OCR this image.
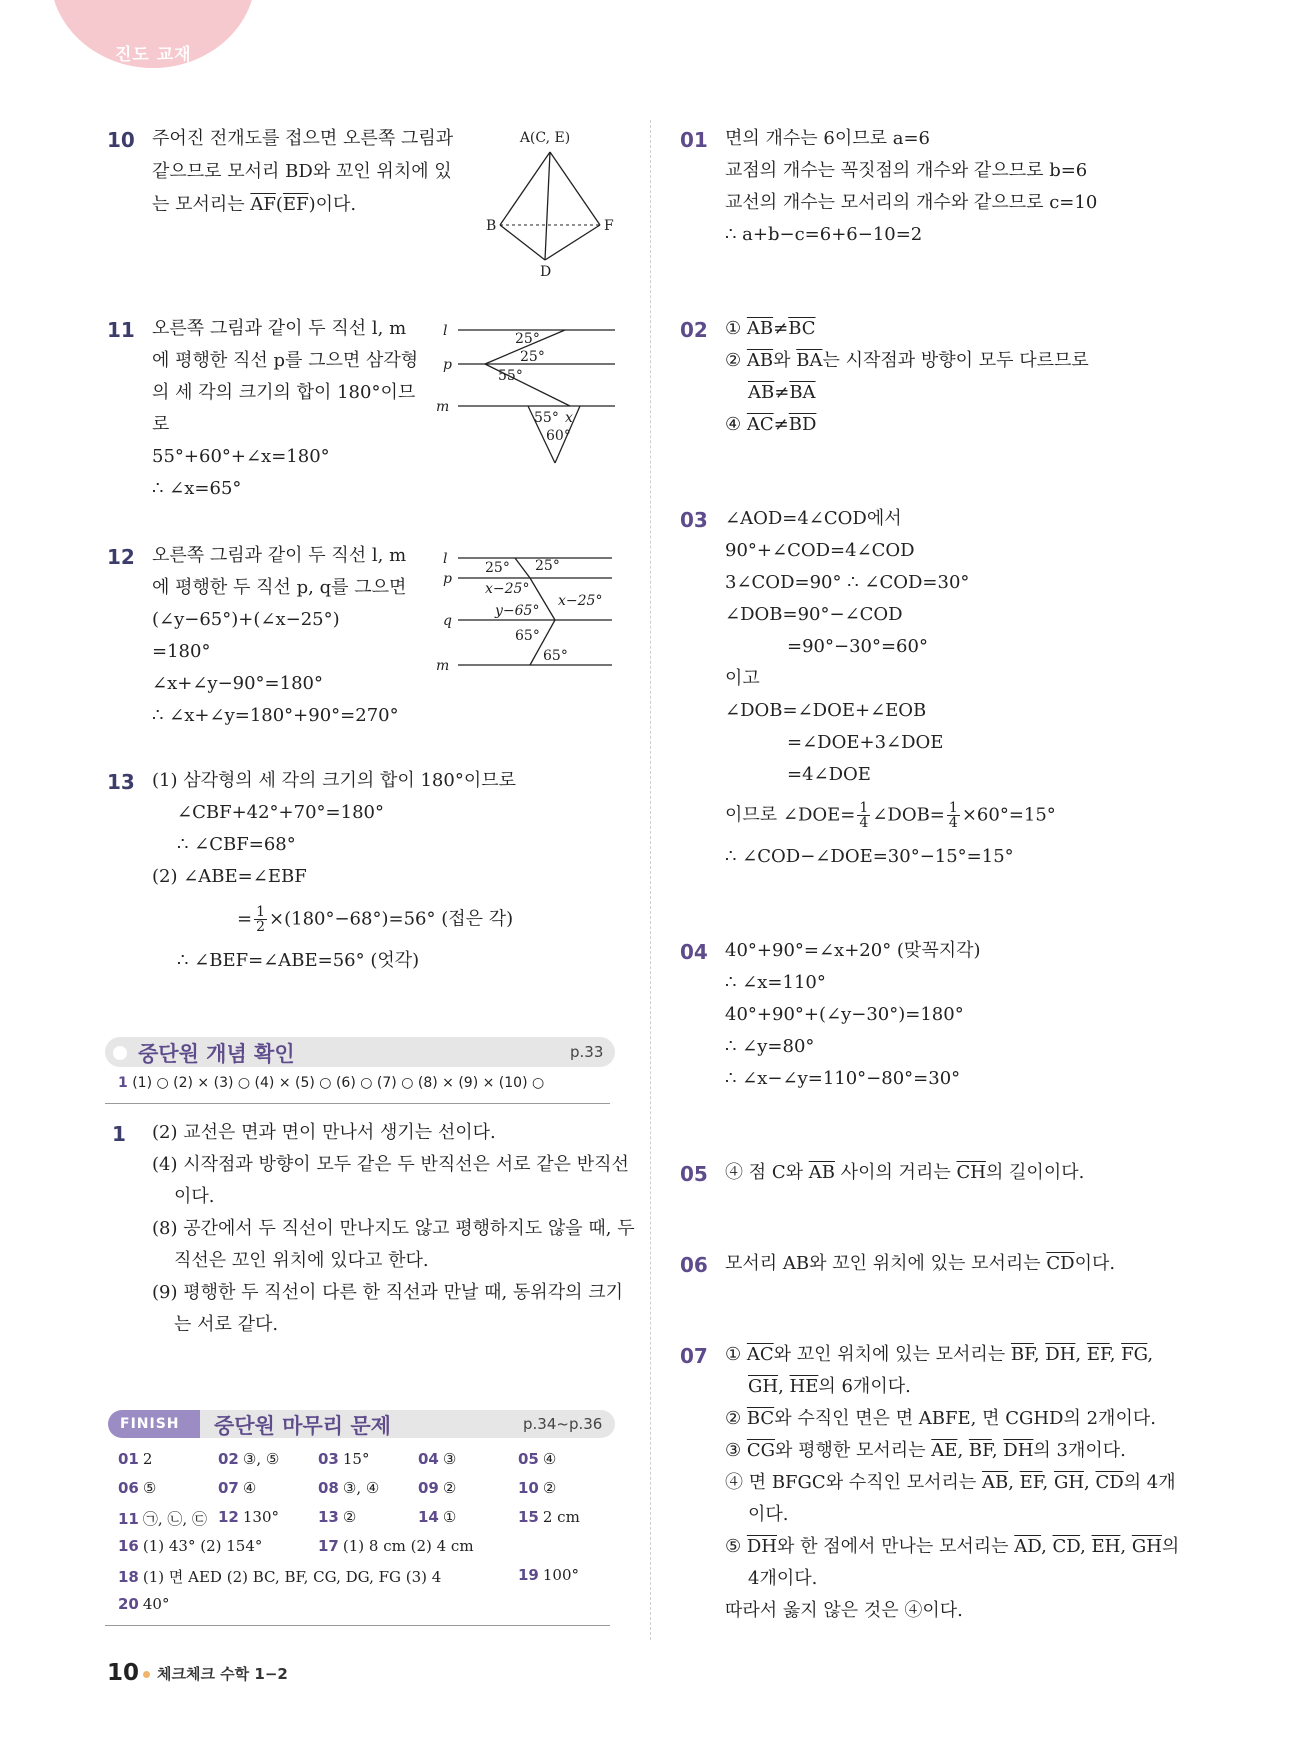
진도 교재
10 주어진 전개도를 접으면 오른쪽 그림과
같으므로 모서리 BD와 꼬인 위치에 있
는 모서리는 $\overline{AF}(\overline{EF})$이다.
A(C, E)
B	F
D
11 오른쪽 그림과 같이 두 직선 l, m
에 평행한 직선 p를 그으면 삼각형
의 세 각의 크기의 합이 180°이므
로
55°+60°+∠x=180°
∴ ∠x=65°
l
p
m
25°
25°
55°
55° x
60°
12 오른쪽 그림과 같이 두 직선 l, m
에 평행한 두 직선 p, q를 그으면
(∠y−65°)+(∠x−25°)
=180°
∠x+∠y−90°=180°
∴ ∠x+∠y=180°+90°=270°
l
p
q
m
25° 25°
x−25°
x−25°
y−65°
65°
65°
13 (1) 삼각형의 세 각의 크기의 합이 180°이므로
∠CBF+42°+70°=180°
∴ ∠CBF=68°
(2) ∠ABE=∠EBF
= $\frac{1}{2} \times(180^\circ-68^\circ)=56^\circ$ (접은 각)
∴ ∠BEF=∠ABE=56° (엇각)
중단원 개념 확인	p.33
1 (1) ○ (2) × (3) ○ (4) × (5) ○ (6) ○ (7) ○ (8) × (9) × (10) ○
1 (2) 교선은 면과 면이 만나서 생기는 선이다.
(4) 시작점과 방향이 모두 같은 두 반직선은 서로 같은 반직선
이다.
(8) 공간에서 두 직선이 만나지도 않고 평행하지도 않을 때, 두
직선은 꼬인 위치에 있다고 한다.
(9) 평행한 두 직선이 다른 한 직선과 만날 때, 동위각의 크기
는 서로 같다.
FINISH 중단원 마무리 문제	p.34~p.36
01 2	02 ③, ⑤	03 15°	04 ③	05 ④
06 ⑤	07 ④	08 ③, ④	09 ②	10 ②
11 ㉠, ㉡, ㉢ 12 130°	13 ②	14 ①	15 2 cm
16 (1) 43° (2) 154°	17 (1) 8 cm (2) 4 cm
18 (1) 면 AED (2) BC, BF, CG, DG, FG (3) 4	19 100°
20 40°
01 면의 개수는 6이므로 a=6
교점의 개수는 꼭짓점의 개수와 같으므로 b=6
교선의 개수는 모서리의 개수와 같으므로 c=10
∴ a+b−c=6+6−10=2
02 ① $\overline{AB}\ne\overline{BC}$
② $\overline{AB}$와 $\overline{BA}$는 시작점과 방향이 모두 다르므로
$\overline{AB}\ne\overline{BA}$
④ $\overline{AC}\ne\overline{BD}$
03 ∠AOD=4∠COD에서
90°+∠COD=4∠COD
3∠COD=90° ∴ ∠COD=30°
∠DOB=90°−∠COD
=90°−30°=60°
이고
∠DOB=∠DOE+∠EOB
=∠DOE+3∠DOE
=4∠DOE
이므로 ∠DOE= $\frac{1}{4}$ ∠DOB= $\frac{1}{4} \times 60^\circ=15^\circ$
∴ ∠COD−∠DOE=30°−15°=15°
04 40°+90°=∠x+20° (맞꼭지각)
∴ ∠x=110°
40°+90°+(∠y−30°)=180°
∴ ∠y=80°
∴ ∠x−∠y=110°−80°=30°
05 ④ 점 C와 $\overline{AB}$ 사이의 거리는 $\overline{CH}$의 길이이다.
06 모서리 AB와 꼬인 위치에 있는 모서리는 $\overline{CD}$이다.
07 ① $\overline{AC}$와 꼬인 위치에 있는 모서리는 $\overline{BF}$, $\overline{DH}$, $\overline{EF}$, $\overline{FG}$,
$\overline{GH}$, $\overline{HE}$의 6개이다.
② $\overline{BC}$와 수직인 면은 면 ABFE, 면 CGHD의 2개이다.
③ $\overline{CG}$와 평행한 모서리는 $\overline{AE}$, $\overline{BF}$, $\overline{DH}$의 3개이다.
④ 면 BFGC와 수직인 모서리는 $\overline{AB}$, $\overline{EF}$, $\overline{GH}$, $\overline{CD}$의 4개
이다.
⑤ $\overline{DH}$와 한 점에서 만나는 모서리는 $\overline{AD}$, $\overline{CD}$, $\overline{EH}$, $\overline{GH}$의
4개이다.
따라서 옳지 않은 것은 ④이다.
10 체크체크 수학 1−2
